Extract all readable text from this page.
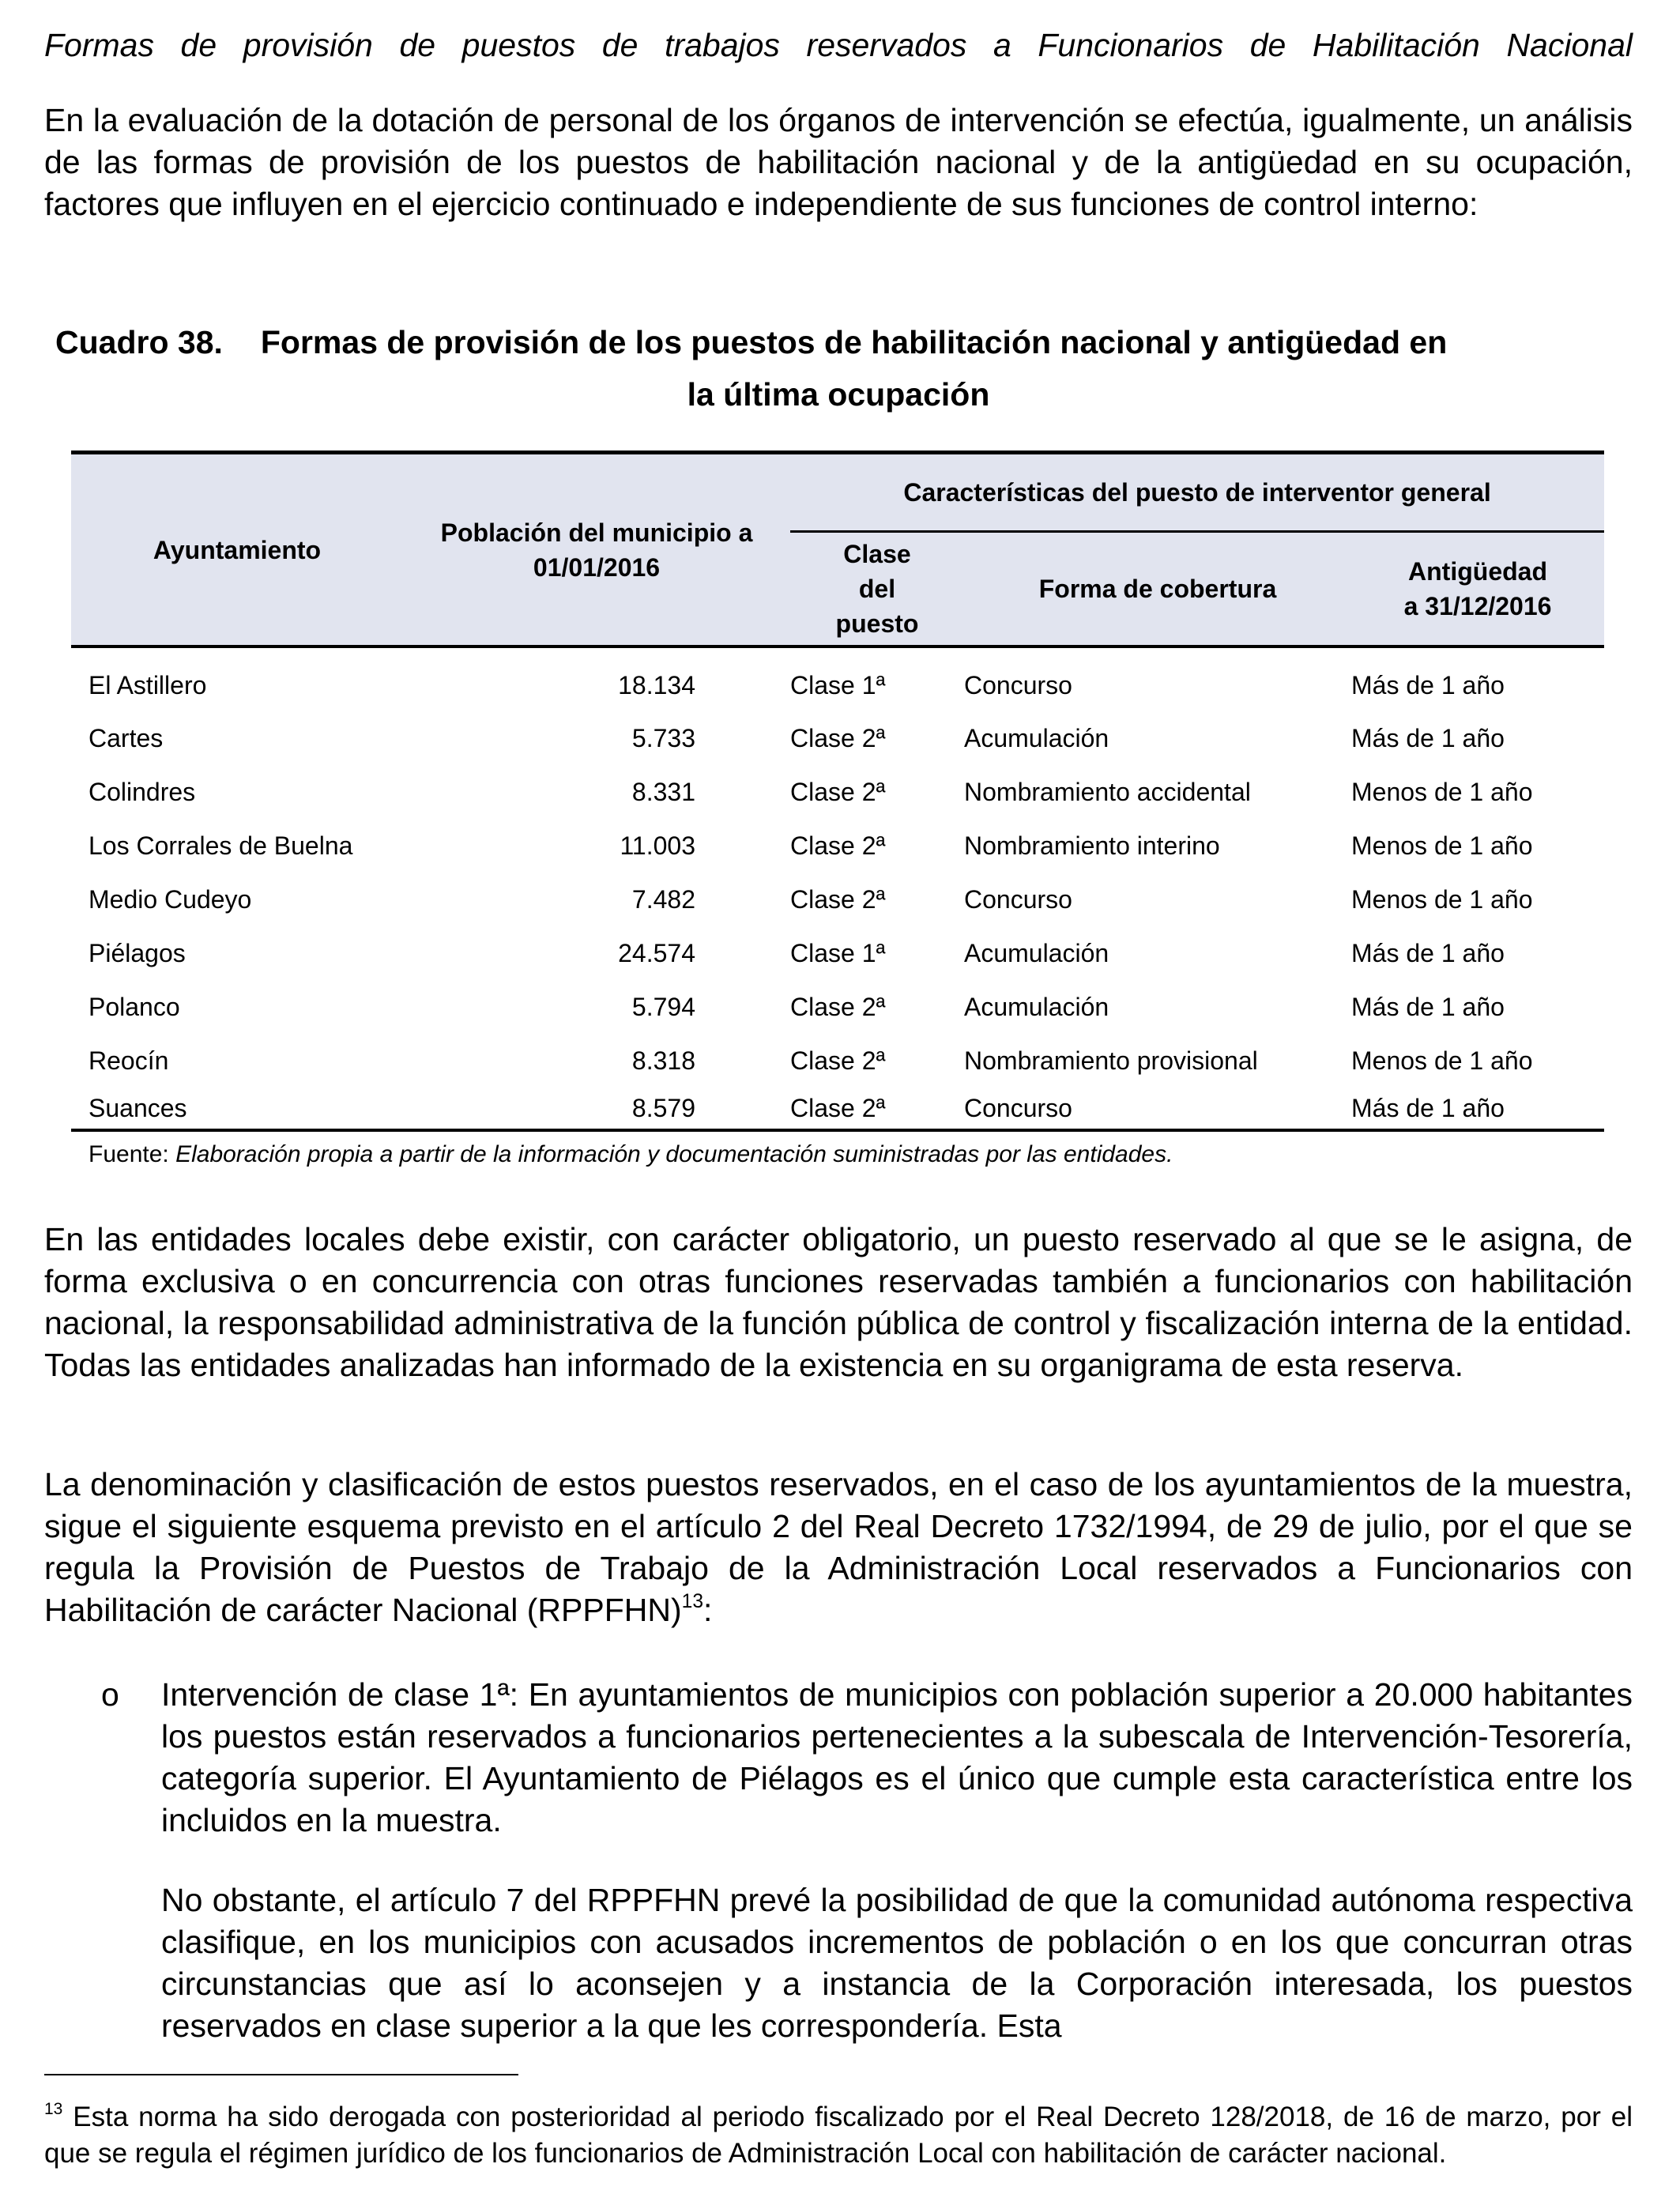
Formas de provisión de puestos de trabajos reservados a Funcionarios de Habilitación Nacional
En la evaluación de la dotación de personal de los órganos de intervención se efectúa, igualmente, un análisis de las formas de provisión de los puestos de habilitación nacional y de la antigüedad en su ocupación, factores que influyen en el ejercicio continuado e independiente de sus funciones de control interno:
Cuadro 38. Formas de provisión de los puestos de habilitación nacional y antigüedad en
la última ocupación
Ayuntamiento	Población del municipio a 01/01/2016	Características del puesto de interventor general		
		Clase del puesto	Forma de cobertura	Antigüedad a 31/12/2016
El Astillero	18.134	Clase 1ª	Concurso	Más de 1 año
Cartes	5.733	Clase 2ª	Acumulación	Más de 1 año
Colindres	8.331	Clase 2ª	Nombramiento accidental	Menos de 1 año
Los Corrales de Buelna	11.003	Clase 2ª	Nombramiento interino	Menos de 1 año
Medio Cudeyo	7.482	Clase 2ª	Concurso	Menos de 1 año
Piélagos	24.574	Clase 1ª	Acumulación	Más de 1 año
Polanco	5.794	Clase 2ª	Acumulación	Más de 1 año
Reocín	8.318	Clase 2ª	Nombramiento provisional	Menos de 1 año
Suances	8.579	Clase 2ª	Concurso	Más de 1 año
Fuente: Elaboración propia a partir de la información y documentación suministradas por las entidades.
En las entidades locales debe existir, con carácter obligatorio, un puesto reservado al que se le asigna, de forma exclusiva o en concurrencia con otras funciones reservadas también a funcionarios con habilitación nacional, la responsabilidad administrativa de la función pública de control y fiscalización interna de la entidad. Todas las entidades analizadas han informado de la existencia en su organigrama de esta reserva.
La denominación y clasificación de estos puestos reservados, en el caso de los ayuntamientos de la muestra, sigue el siguiente esquema previsto en el artículo 2 del Real Decreto 1732/1994, de 29 de julio, por el que se regula la Provisión de Puestos de Trabajo de la Administración Local reservados a Funcionarios con Habilitación de carácter Nacional (RPPFHN)$^{13}$:
o Intervención de clase 1ª: En ayuntamientos de municipios con población superior a 20.000 habitantes los puestos están reservados a funcionarios pertenecientes a la subescala de Intervención-Tesorería, categoría superior. El Ayuntamiento de Piélagos es el único que cumple esta característica entre los incluidos en la muestra.
No obstante, el artículo 7 del RPPFHN prevé la posibilidad de que la comunidad autónoma respectiva clasifique, en los municipios con acusados incrementos de población o en los que concurran otras circunstancias que así lo aconsejen y a instancia de la Corporación interesada, los puestos reservados en clase superior a la que les correspondería. Esta
$^{13}$ Esta norma ha sido derogada con posterioridad al periodo fiscalizado por el Real Decreto 128/2018, de 16 de marzo, por el que se regula el régimen jurídico de los funcionarios de Administración Local con habilitación de carácter nacional.
